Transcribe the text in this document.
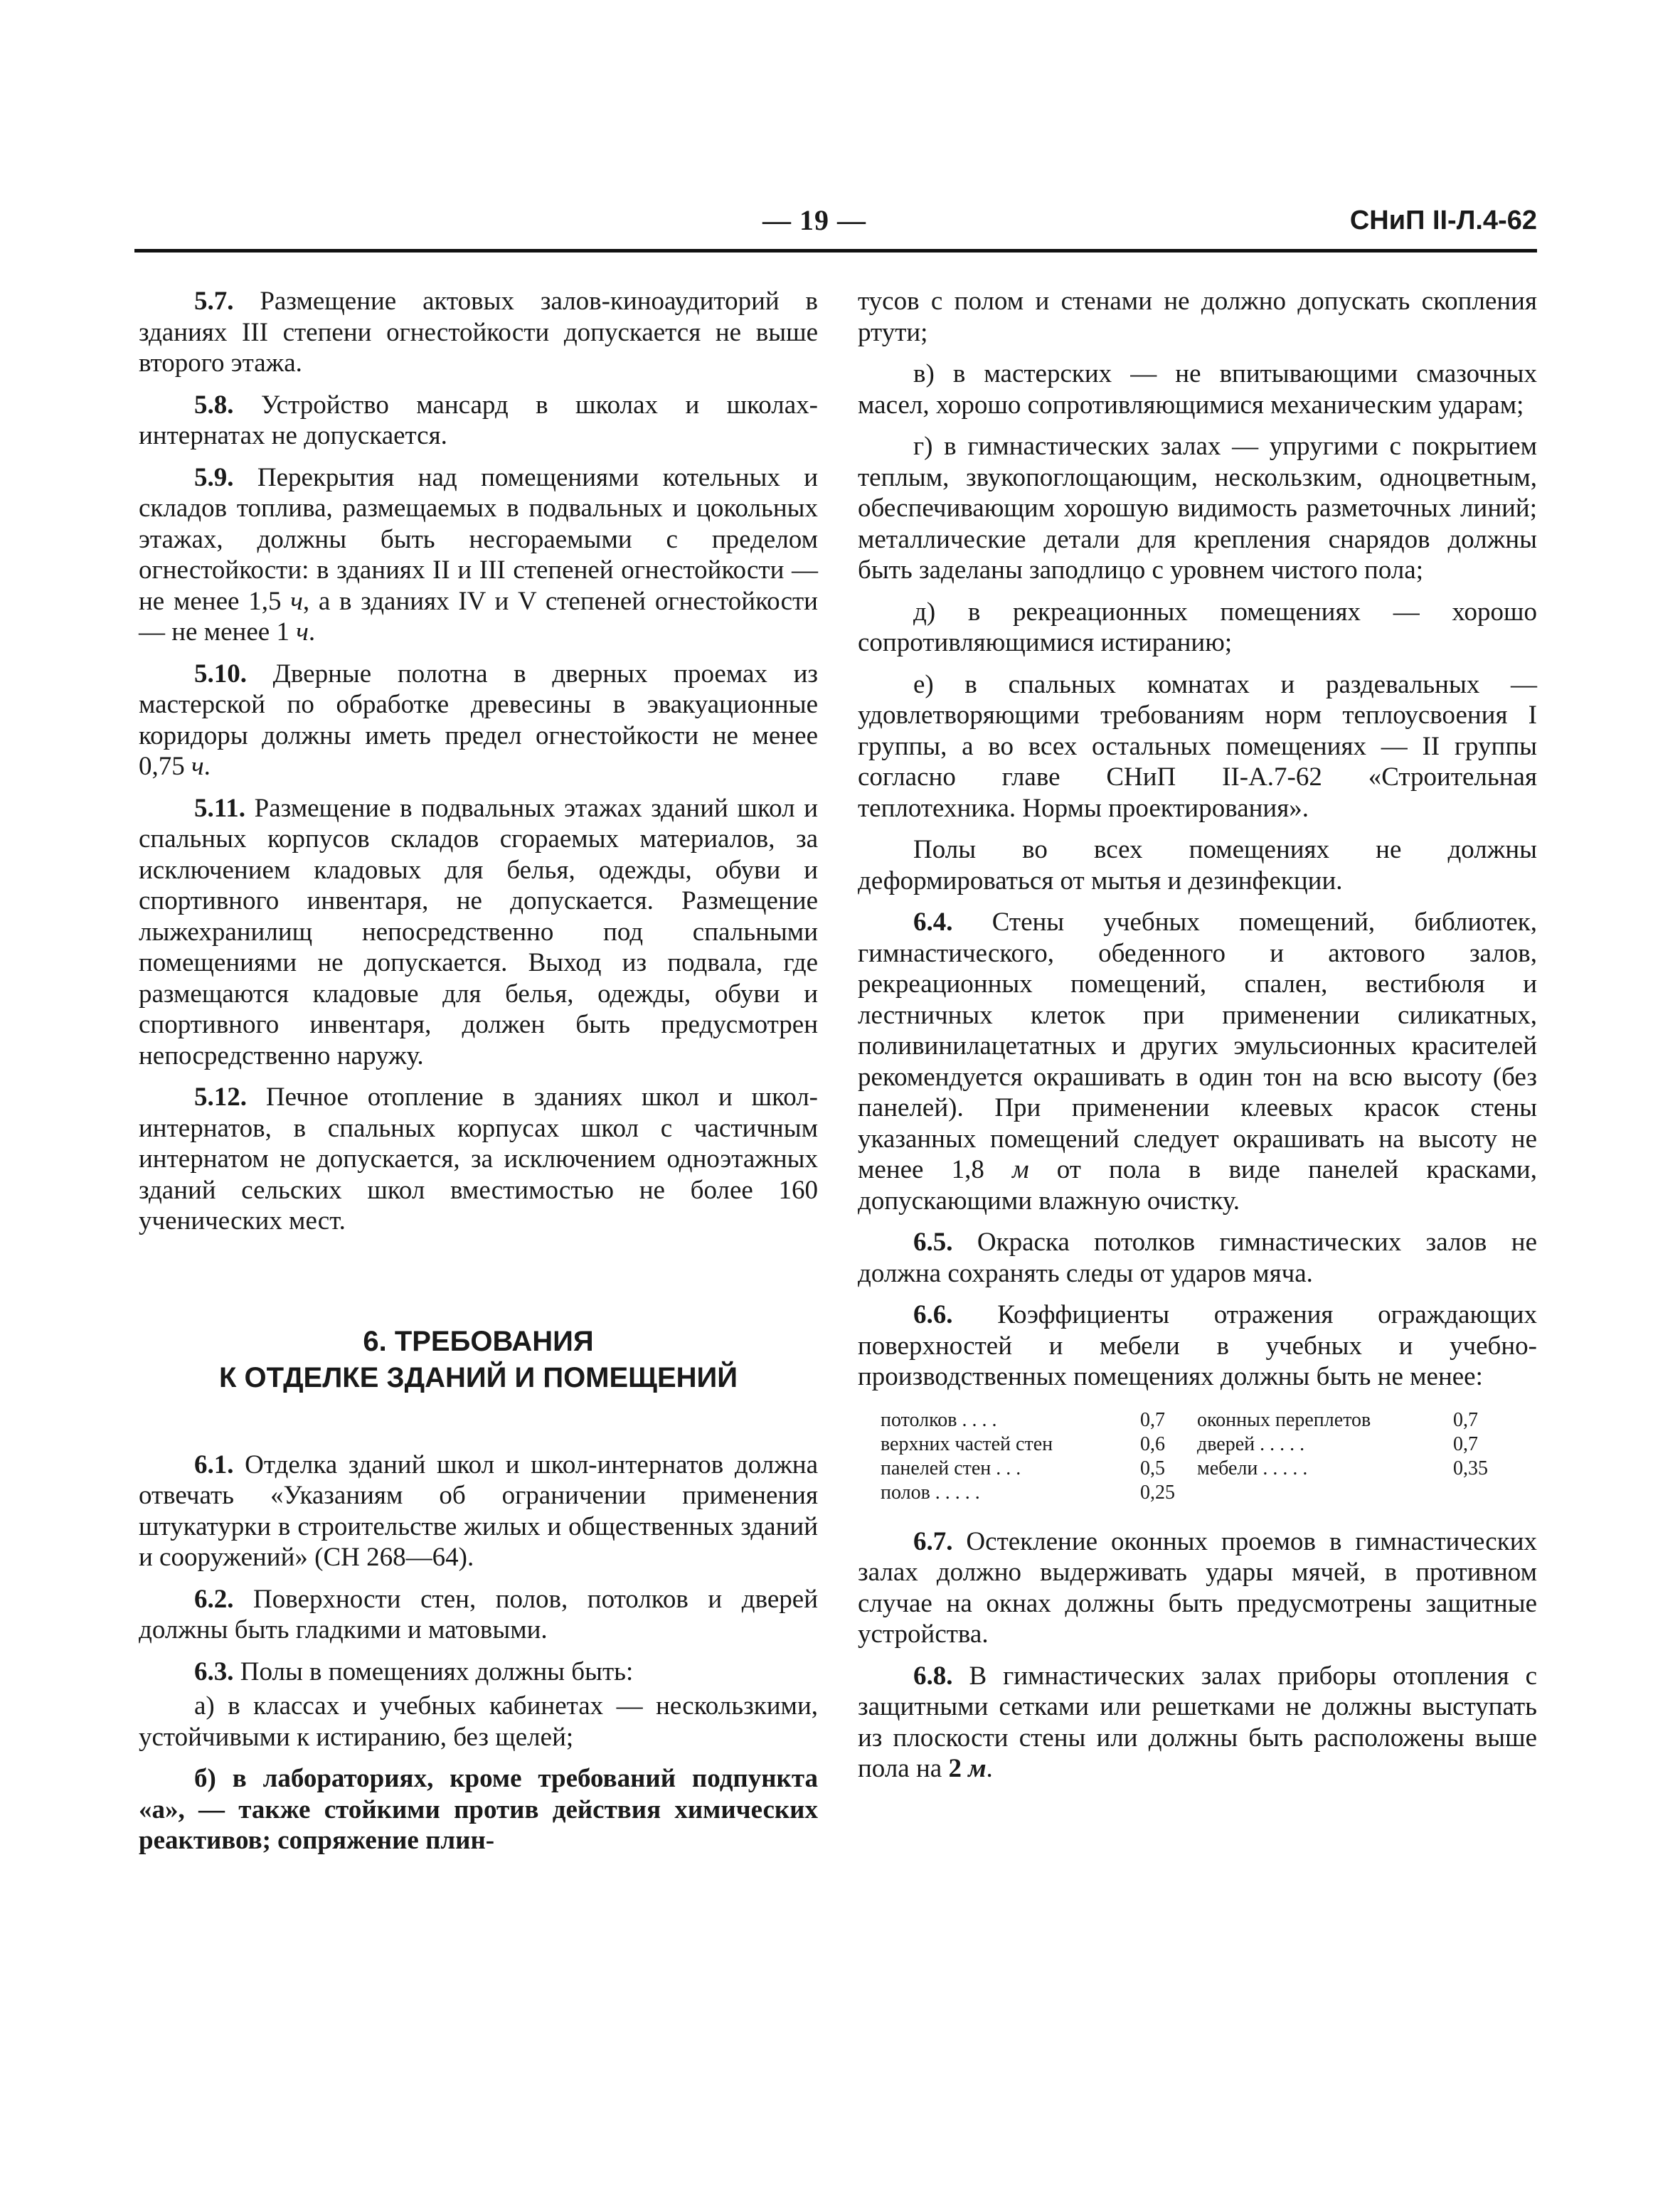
— 19 —	СНиП II-Л.4-62

5.7. Размещение актовых залов-киноаудиторий в зданиях III степени огнестойкости допускается не выше второго этажа.

5.8. Устройство мансард в школах и школах-интернатах не допускается.

5.9. Перекрытия над помещениями котельных и складов топлива, размещаемых в подвальных и цокольных этажах, должны быть несгораемыми с пределом огнестойкости: в зданиях II и III степеней огнестойкости — не менее 1,5 ч, а в зданиях IV и V степеней огнестойкости — не менее 1 ч.

5.10. Дверные полотна в дверных проемах из мастерской по обработке древесины в эвакуационные коридоры должны иметь предел огнестойкости не менее 0,75 ч.

5.11. Размещение в подвальных этажах зданий школ и спальных корпусов складов сгораемых материалов, за исключением кладовых для белья, одежды, обуви и спортивного инвентаря, не допускается. Размещение лыжехранилищ непосредственно под спальными помещениями не допускается. Выход из подвала, где размещаются кладовые для белья, одежды, обуви и спортивного инвентаря, должен быть предусмотрен непосредственно наружу.

5.12. Печное отопление в зданиях школ и школ-интернатов, в спальных корпусах школ с частичным интернатом не допускается, за исключением одноэтажных зданий сельских школ вместимостью не более 160 ученических мест.

6. ТРЕБОВАНИЯ
К ОТДЕЛКЕ ЗДАНИЙ И ПОМЕЩЕНИЙ

6.1. Отделка зданий школ и школ-интернатов должна отвечать «Указаниям об ограничении применения штукатурки в строительстве жилых и общественных зданий и сооружений» (СН 268—64).

6.2. Поверхности стен, полов, потолков и дверей должны быть гладкими и матовыми.

6.3. Полы в помещениях должны быть:

а) в классах и учебных кабинетах — нескользкими, устойчивыми к истиранию, без щелей;

б) в лабораториях, кроме требований подпункта «а», — также стойкими против действия химических реактивов; сопряжение плин-

тусов с полом и стенами не должно допускать скопления ртути;

в) в мастерских — не впитывающими смазочных масел, хорошо сопротивляющимися механическим ударам;

г) в гимнастических залах — упругими с покрытием теплым, звукопоглощающим, нескользким, одноцветным, обеспечивающим хорошую видимость разметочных линий; металлические детали для крепления снарядов должны быть заделаны заподлицо с уровнем чистого пола;

д) в рекреационных помещениях — хорошо сопротивляющимися истиранию;

е) в спальных комнатах и раздевальных — удовлетворяющими требованиям норм теплоусвоения I группы, а во всех остальных помещениях — II группы согласно главе СНиП II-А.7-62 «Строительная теплотехника. Нормы проектирования».

Полы во всех помещениях не должны деформироваться от мытья и дезинфекции.

6.4. Стены учебных помещений, библиотек, гимнастического, обеденного и актового залов, рекреационных помещений, спален, вестибюля и лестничных клеток при применении силикатных, поливинилацетатных и других эмульсионных красителей рекомендуется окрашивать в один тон на всю высоту (без панелей). При применении клеевых красок стены указанных помещений следует окрашивать на высоту не менее 1,8 м от пола в виде панелей красками, допускающими влажную очистку.

6.5. Окраска потолков гимнастических залов не должна сохранять следы от ударов мяча.

6.6. Коэффициенты отражения ограждающих поверхностей и мебели в учебных и учебно-производственных помещениях должны быть не менее:

потолков . . . .	0,7
верхних частей стен	0,6
панелей стен . . .	0,5
полов . . . . .	0,25
оконных переплетов	0,7
дверей . . . . .	0,7
мебели . . . . .	0,35

6.7. Остекление оконных проемов в гимнастических залах должно выдерживать удары мячей, в противном случае на окнах должны быть предусмотрены защитные устройства.

6.8. В гимнастических залах приборы отопления с защитными сетками или решетками не должны выступать из плоскости стены или должны быть расположены выше пола на 2 м.
